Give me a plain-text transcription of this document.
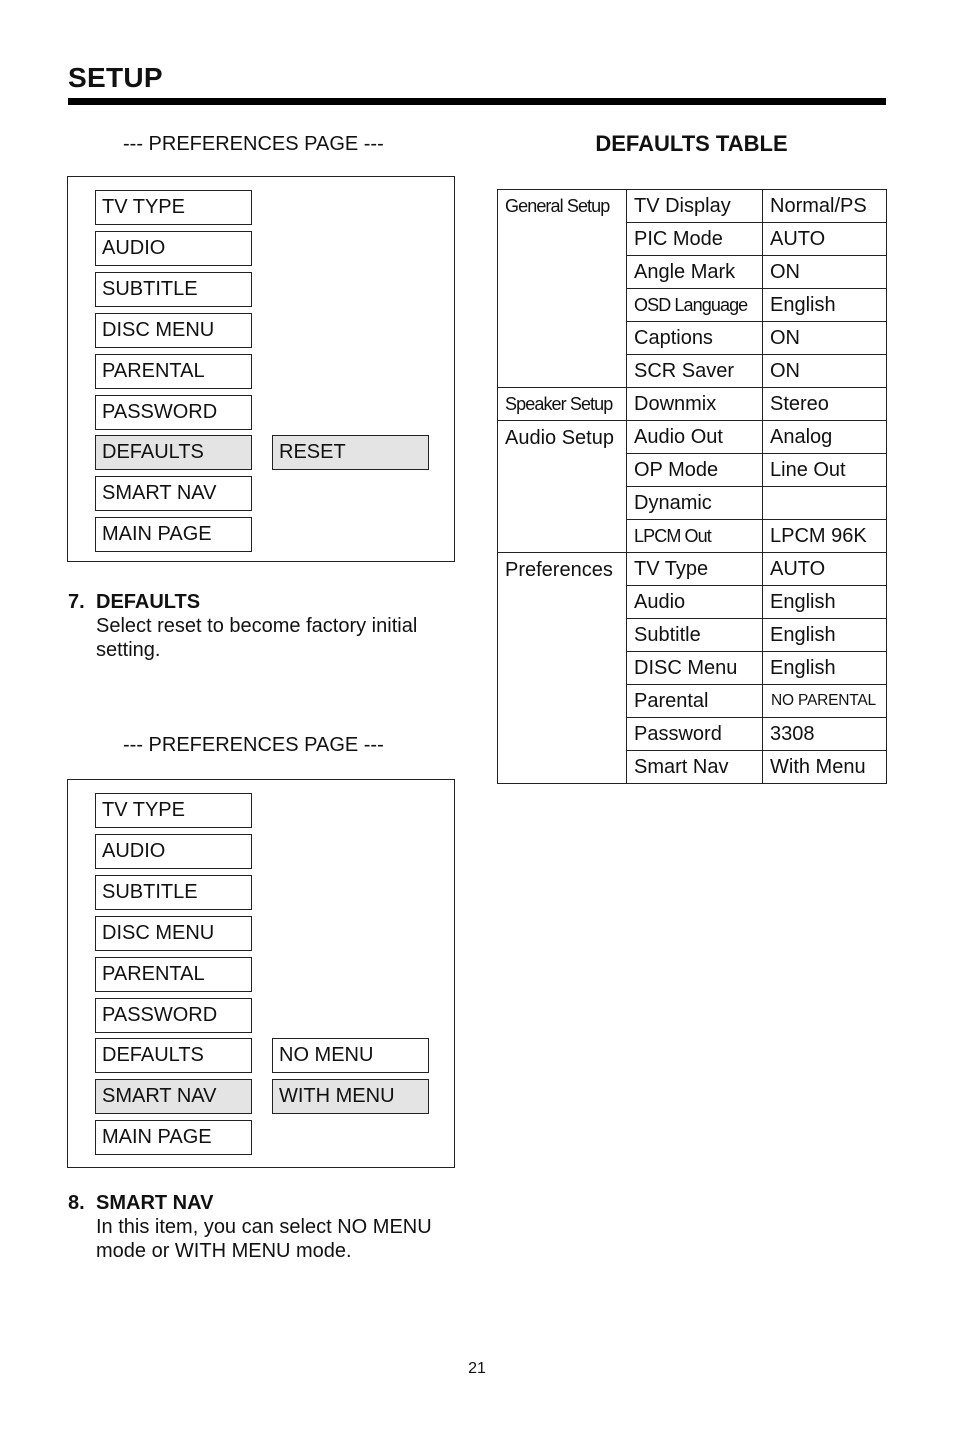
SETUP
--- PREFERENCES PAGE ---
TV TYPE
AUDIO
SUBTITLE
DISC MENU
PARENTAL
PASSWORD
DEFAULTS
SMART NAV
MAIN PAGE
RESET
7. DEFAULTS
Select reset to become factory initial
setting.
--- PREFERENCES PAGE ---
TV TYPE
AUDIO
SUBTITLE
DISC MENU
PARENTAL
PASSWORD
DEFAULTS
SMART NAV
MAIN PAGE
NO MENU
WITH MENU
8. SMART NAV
In this item, you can select NO MENU
mode or WITH MENU mode.
DEFAULTS TABLE
General Setup	TV Display	Normal/PS
	PIC Mode	AUTO
	Angle Mark	ON
	OSD Language	English
	Captions	ON
	SCR Saver	ON
Speaker Setup	Downmix	Stereo
Audio Setup	Audio Out	Analog
	OP Mode	Line Out
	Dynamic	
	LPCM Out	LPCM 96K
Preferences	TV Type	AUTO
	Audio	English
	Subtitle	English
	DISC Menu	English
	Parental	NO PARENTAL
	Password	3308
	Smart Nav	With Menu
21
